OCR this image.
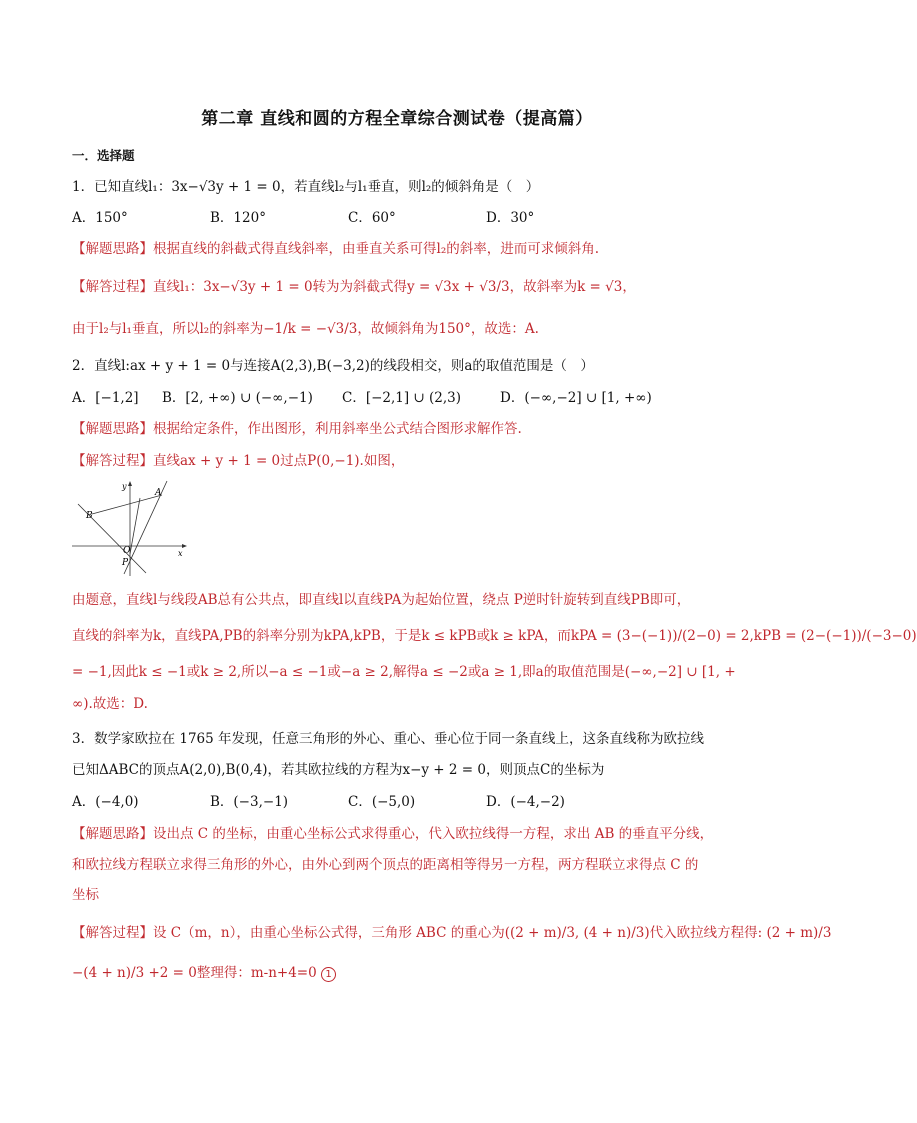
第二章 直线和圆的方程全章综合测试卷（提高篇）
一．选择题
1．已知直线l₁：3x−√3y + 1 = 0，若直线l₂与l₁垂直，则l₂的倾斜角是（　）
A．150°	B．120°	C．60°	D．30°
【解题思路】根据直线的斜截式得直线斜率，由垂直关系可得l₂的斜率，进而可求倾斜角.
【解答过程】直线l₁：3x−√3y + 1 = 0转为为斜截式得y = √3x + √3/3，故斜率为k = √3，
由于l₂与l₁垂直，所以l₂的斜率为−1/k = −√3/3，故倾斜角为150°，故选：A.
2．直线l:ax + y + 1 = 0与连接A(2,3),B(−3,2)的线段相交，则a的取值范围是（　）
A．[−1,2] B．[2, +∞) ∪ (−∞,−1) C．[−2,1] ∪ (2,3)	D．(−∞,−2] ∪ [1, +∞)
【解题思路】根据给定条件，作出图形，利用斜率坐公式结合图形求解作答.
【解答过程】直线ax + y + 1 = 0过点P(0,−1).如图，
A
B
O
P
y
x
由题意，直线l与线段AB总有公共点，即直线l以直线PA为起始位置，绕点 P逆时针旋转到直线PB即可，
直线的斜率为k，直线PA,PB的斜率分别为kPA,kPB，于是k ≤ kPB或k ≥ kPA，而kPA = (3−(−1))/(2−0) = 2,kPB = (2−(−1))/(−3−0)
= −1,因此k ≤ −1或k ≥ 2,所以−a ≤ −1或−a ≥ 2,解得a ≤ −2或a ≥ 1,即a的取值范围是(−∞,−2] ∪ [1, +
∞).故选：D.
3．数学家欧拉在 1765 年发现，任意三角形的外心、重心、垂心位于同一条直线上，这条直线称为欧拉线
已知ΔABC的顶点A(2,0),B(0,4)，若其欧拉线的方程为x−y + 2 = 0，则顶点C的坐标为
A．(−4,0)	B．(−3,−1)	C．(−5,0)	D．(−4,−2)
【解题思路】设出点 C 的坐标，由重心坐标公式求得重心，代入欧拉线得一方程，求出 AB 的垂直平分线，
和欧拉线方程联立求得三角形的外心，由外心到两个顶点的距离相等得另一方程，两方程联立求得点 C 的
坐标
【解答过程】设 C（m，n），由重心坐标公式得，三角形 ABC 的重心为((2 + m)/3, (4 + n)/3)代入欧拉线方程得: (2 + m)/3
−(4 + n)/3 +2 = 0整理得：m-n+4=0 1
